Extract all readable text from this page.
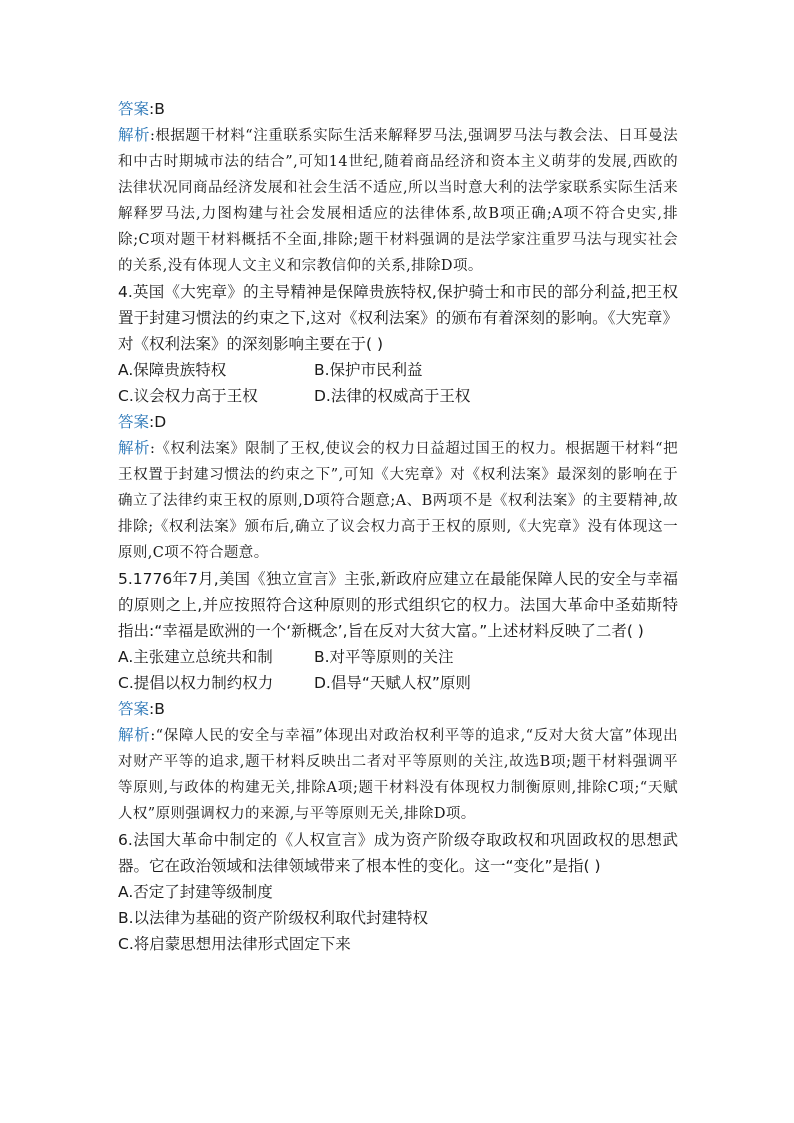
答案:B

解析:根据题干材料“注重联系实际生活来解释罗马法,强调罗马法与教会法、日耳曼法和中古时期城市法的结合”,可知14世纪,随着商品经济和资本主义萌芽的发展,西欧的法律状况同商品经济发展和社会生活不适应,所以当时意大利的法学家联系实际生活来解释罗马法,力图构建与社会发展相适应的法律体系,故B项正确;A项不符合史实,排除;C项对题干材料概括不全面,排除;题干材料强调的是法学家注重罗马法与现实社会的关系,没有体现人文主义和宗教信仰的关系,排除D项。

4.英国《大宪章》的主导精神是保障贵族特权,保护骑士和市民的部分利益,把王权置于封建习惯法的约束之下,这对《权利法案》的颁布有着深刻的影响。《大宪章》对《权利法案》的深刻影响主要在于( )

A.保障贵族特权	B.保护市民利益
C.议会权力高于王权	D.法律的权威高于王权

答案:D

解析:《权利法案》限制了王权,使议会的权力日益超过国王的权力。根据题干材料“把王权置于封建习惯法的约束之下”,可知《大宪章》对《权利法案》最深刻的影响在于确立了法律约束王权的原则,D项符合题意;A、B两项不是《权利法案》的主要精神,故排除;《权利法案》颁布后,确立了议会权力高于王权的原则,《大宪章》没有体现这一原则,C项不符合题意。

5.1776年7月,美国《独立宣言》主张,新政府应建立在最能保障人民的安全与幸福的原则之上,并应按照符合这种原则的形式组织它的权力。法国大革命中圣茹斯特指出:“幸福是欧洲的一个‘新概念’,旨在反对大贫大富。”上述材料反映了二者( )

A.主张建立总统共和制	B.对平等原则的关注
C.提倡以权力制约权力	D.倡导“天赋人权”原则

答案:B

解析:“保障人民的安全与幸福”体现出对政治权利平等的追求,“反对大贫大富”体现出对财产平等的追求,题干材料反映出二者对平等原则的关注,故选B项;题干材料强调平等原则,与政体的构建无关,排除A项;题干材料没有体现权力制衡原则,排除C项;“天赋人权”原则强调权力的来源,与平等原则无关,排除D项。

6.法国大革命中制定的《人权宣言》成为资产阶级夺取政权和巩固政权的思想武器。它在政治领域和法律领域带来了根本性的变化。这一“变化”是指( )

A.否定了封建等级制度

B.以法律为基础的资产阶级权利取代封建特权

C.将启蒙思想用法律形式固定下来
